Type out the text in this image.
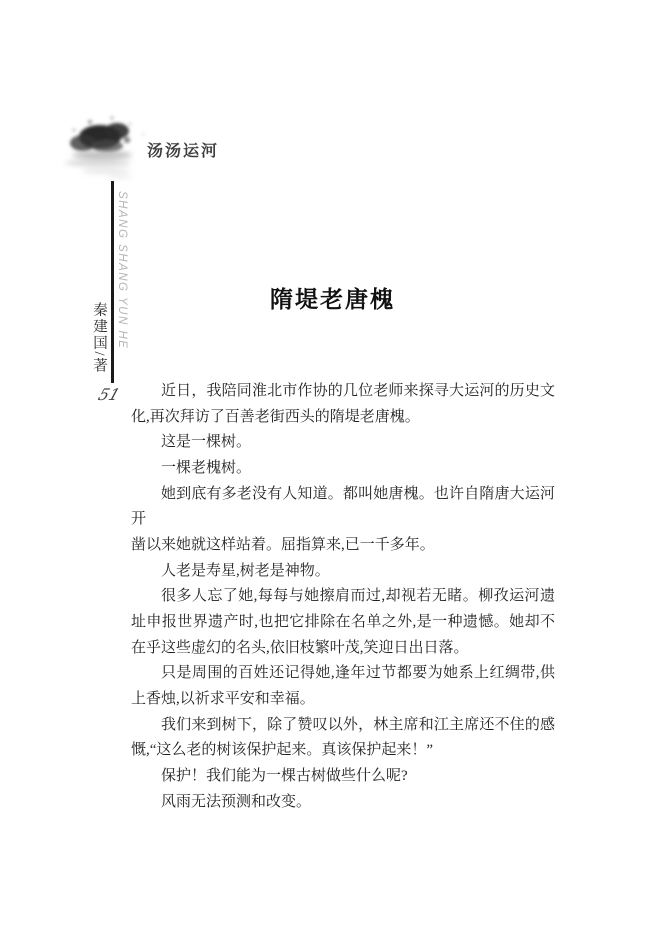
汤汤运河
SHANG SHANG YUN HE
秦建国/著
51
隋堤老唐槐
近日，我陪同淮北市作协的几位老师来探寻大运河的历史文
化,再次拜访了百善老街西头的隋堤老唐槐。
这是一棵树。
一棵老槐树。
她到底有多老没有人知道。都叫她唐槐。也许自隋唐大运河开
凿以来她就这样站着。屈指算来,已一千多年。
人老是寿星,树老是神物。
很多人忘了她,每每与她擦肩而过,却视若无睹。柳孜运河遗
址申报世界遗产时,也把它排除在名单之外,是一种遗憾。她却不
在乎这些虚幻的名头,依旧枝繁叶茂,笑迎日出日落。
只是周围的百姓还记得她,逢年过节都要为她系上红绸带,供
上香烛,以祈求平安和幸福。
我们来到树下，除了赞叹以外，林主席和江主席还不住的感
慨,“这么老的树该保护起来。真该保护起来！”
保护！我们能为一棵古树做些什么呢?
风雨无法预测和改变。
